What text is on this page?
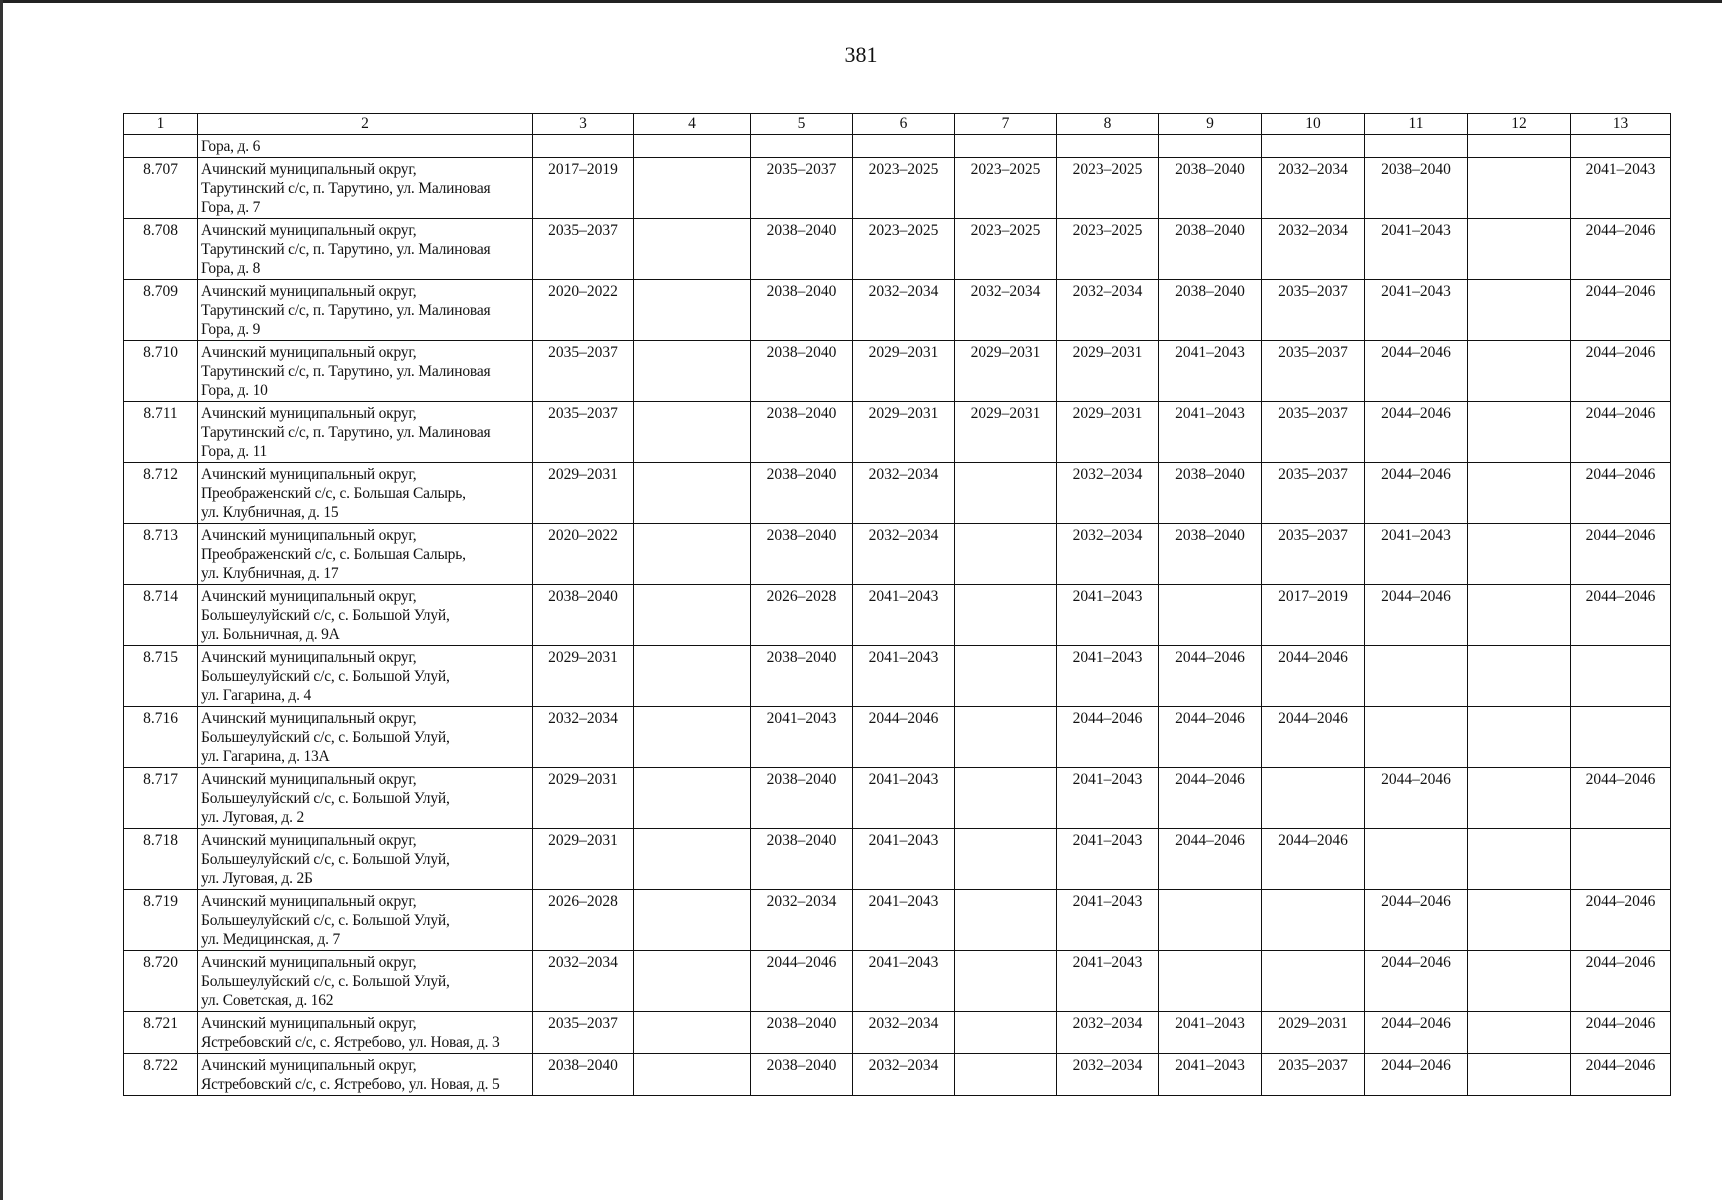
381
1	2	3	4	5	6	7	8	9	10	11	12	13
	Гора, д. 6											
8.707	Ачинский муниципальный округ,
Тарутинский с/с, п. Тарутино, ул. Малиновая
Гора, д. 7	2017–2019		2035–2037	2023–2025	2023–2025	2023–2025	2038–2040	2032–2034	2038–2040		2041–2043
8.708	Ачинский муниципальный округ,
Тарутинский с/с, п. Тарутино, ул. Малиновая
Гора, д. 8	2035–2037		2038–2040	2023–2025	2023–2025	2023–2025	2038–2040	2032–2034	2041–2043		2044–2046
8.709	Ачинский муниципальный округ,
Тарутинский с/с, п. Тарутино, ул. Малиновая
Гора, д. 9	2020–2022		2038–2040	2032–2034	2032–2034	2032–2034	2038–2040	2035–2037	2041–2043		2044–2046
8.710	Ачинский муниципальный округ,
Тарутинский с/с, п. Тарутино, ул. Малиновая
Гора, д. 10	2035–2037		2038–2040	2029–2031	2029–2031	2029–2031	2041–2043	2035–2037	2044–2046		2044–2046
8.711	Ачинский муниципальный округ,
Тарутинский с/с, п. Тарутино, ул. Малиновая
Гора, д. 11	2035–2037		2038–2040	2029–2031	2029–2031	2029–2031	2041–2043	2035–2037	2044–2046		2044–2046
8.712	Ачинский муниципальный округ,
Преображенский с/с, с. Большая Салырь,
ул. Клубничная, д. 15	2029–2031		2038–2040	2032–2034		2032–2034	2038–2040	2035–2037	2044–2046		2044–2046
8.713	Ачинский муниципальный округ,
Преображенский с/с, с. Большая Салырь,
ул. Клубничная, д. 17	2020–2022		2038–2040	2032–2034		2032–2034	2038–2040	2035–2037	2041–2043		2044–2046
8.714	Ачинский муниципальный округ,
Большеулуйский с/с, с. Большой Улуй,
ул. Больничная, д. 9А	2038–2040		2026–2028	2041–2043		2041–2043		2017–2019	2044–2046		2044–2046
8.715	Ачинский муниципальный округ,
Большеулуйский с/с, с. Большой Улуй,
ул. Гагарина, д. 4	2029–2031		2038–2040	2041–2043		2041–2043	2044–2046	2044–2046			
8.716	Ачинский муниципальный округ,
Большеулуйский с/с, с. Большой Улуй,
ул. Гагарина, д. 13А	2032–2034		2041–2043	2044–2046		2044–2046	2044–2046	2044–2046			
8.717	Ачинский муниципальный округ,
Большеулуйский с/с, с. Большой Улуй,
ул. Луговая, д. 2	2029–2031		2038–2040	2041–2043		2041–2043	2044–2046		2044–2046		2044–2046
8.718	Ачинский муниципальный округ,
Большеулуйский с/с, с. Большой Улуй,
ул. Луговая, д. 2Б	2029–2031		2038–2040	2041–2043		2041–2043	2044–2046	2044–2046			
8.719	Ачинский муниципальный округ,
Большеулуйский с/с, с. Большой Улуй,
ул. Медицинская, д. 7	2026–2028		2032–2034	2041–2043		2041–2043			2044–2046		2044–2046
8.720	Ачинский муниципальный округ,
Большеулуйский с/с, с. Большой Улуй,
ул. Советская, д. 162	2032–2034		2044–2046	2041–2043		2041–2043			2044–2046		2044–2046
8.721	Ачинский муниципальный округ,
Ястребовский с/с, с. Ястребово, ул. Новая, д. 3	2035–2037		2038–2040	2032–2034		2032–2034	2041–2043	2029–2031	2044–2046		2044–2046
8.722	Ачинский муниципальный округ,
Ястребовский с/с, с. Ястребово, ул. Новая, д. 5	2038–2040		2038–2040	2032–2034		2032–2034	2041–2043	2035–2037	2044–2046		2044–2046
